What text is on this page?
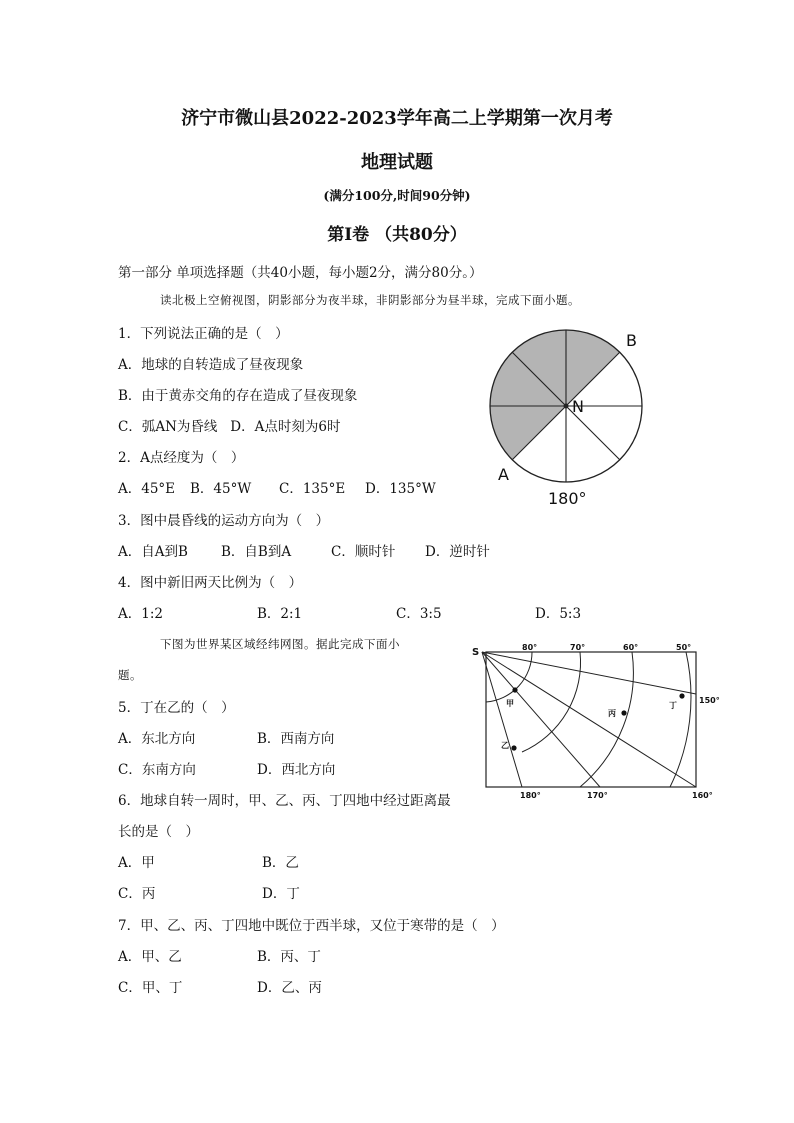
济宁市微山县2022-2023学年高二上学期第一次月考
地理试题
(满分100分,时间90分钟)
第I卷 （共80分）
第一部分 单项选择题（共40小题，每小题2分，满分80分。）
读北极上空俯视图，阴影部分为夜半球，非阴影部分为昼半球，完成下面小题。
1．下列说法正确的是（　）
A．地球的自转造成了昼夜现象
B．由于黄赤交角的存在造成了昼夜现象
C．弧AN为昏线 D．A点时刻为6时
2．A点经度为（　）
A．45°E B．45°W C．135°E D．135°W
3．图中晨昏线的运动方向为（　）
A．自A到B B．自B到A	C．顺时针 D．逆时针
4．图中新旧两天比例为（　）
A．1:2	B．2:1	C．3:5	D．5:3
下图为世界某区域经纬网图。据此完成下面小
题。
5．丁在乙的（　）
A．东北方向	B．西南方向
C．东南方向	D．西北方向
6．地球自转一周时，甲、乙、丙、丁四地中经过距离最
长的是（　）
A．甲	B．乙
C．丙	D．丁
7．甲、乙、丙、丁四地中既位于西半球，又位于寒带的是（　）
A．甲、乙	B．丙、丁
C．甲、丁	D．乙、丙
N
B
A
180°
S	80°	70°	60°	50°
150°
180°	170°	160°
甲
乙
丙
丁
